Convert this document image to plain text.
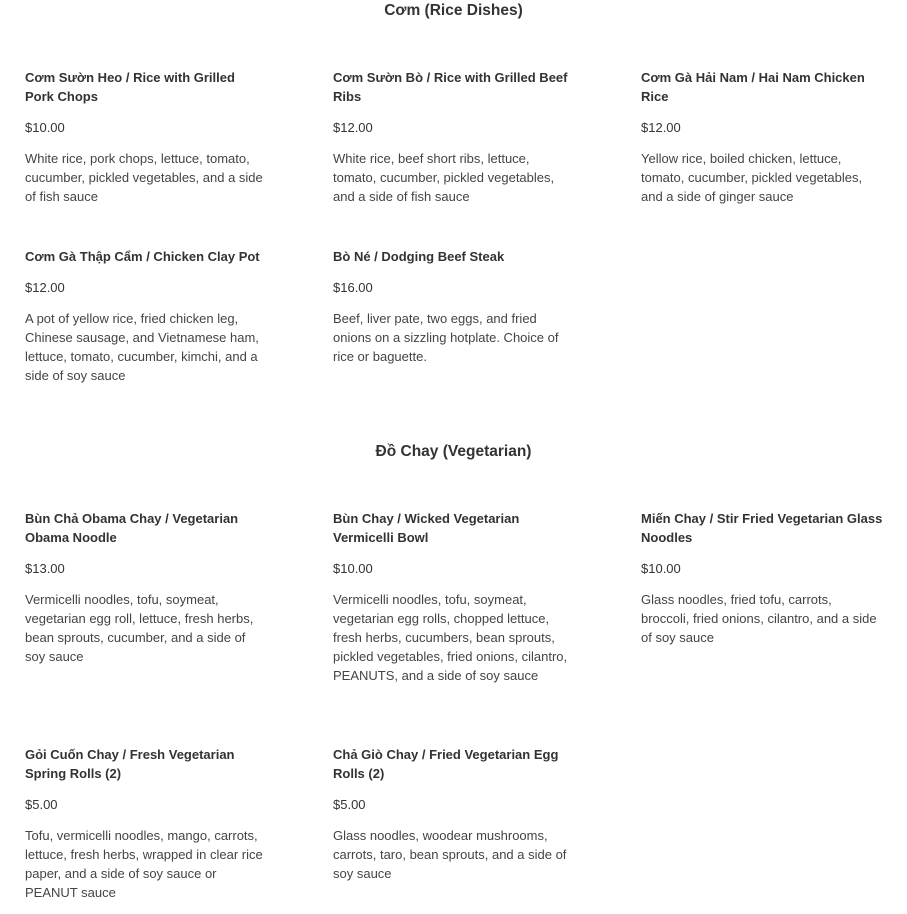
Cơm (Rice Dishes)
Cơm Sườn Heo / Rice with Grilled Pork Chops
$10.00
White rice, pork chops, lettuce, tomato, cucumber, pickled vegetables, and a side of fish sauce
Cơm Sườn Bò / Rice with Grilled Beef Ribs
$12.00
White rice, beef short ribs, lettuce, tomato, cucumber, pickled vegetables, and a side of fish sauce
Cơm Gà Hải Nam / Hai Nam Chicken Rice
$12.00
Yellow rice, boiled chicken, lettuce, tomato, cucumber, pickled vegetables, and a side of ginger sauce
Cơm Gà Thập Cẩm / Chicken Clay Pot
$12.00
A pot of yellow rice, fried chicken leg, Chinese sausage, and Vietnamese ham, lettuce, tomato, cucumber, kimchi, and a side of soy sauce
Bò Né / Dodging Beef Steak
$16.00
Beef, liver pate, two eggs, and fried onions on a sizzling hotplate. Choice of rice or baguette.
Đồ Chay (Vegetarian)
Bùn Chả Obama Chay / Vegetarian Obama Noodle
$13.00
Vermicelli noodles, tofu, soymeat, vegetarian egg roll, lettuce, fresh herbs, bean sprouts, cucumber, and a side of soy sauce
Bùn Chay / Wicked Vegetarian Vermicelli Bowl
$10.00
Vermicelli noodles, tofu, soymeat, vegetarian egg rolls, chopped lettuce, fresh herbs, cucumbers, bean sprouts, pickled vegetables, fried onions, cilantro, PEANUTS, and a side of soy sauce
Miến Chay / Stir Fried Vegetarian Glass Noodles
$10.00
Glass noodles, fried tofu, carrots, broccoli, fried onions, cilantro, and a side of soy sauce
Gỏi Cuốn Chay / Fresh Vegetarian Spring Rolls (2)
$5.00
Tofu, vermicelli noodles, mango, carrots, lettuce, fresh herbs, wrapped in clear rice paper, and a side of soy sauce or PEANUT sauce
Chả Giò Chay / Fried Vegetarian Egg Rolls (2)
$5.00
Glass noodles, woodear mushrooms, carrots, taro, bean sprouts, and a side of soy sauce
